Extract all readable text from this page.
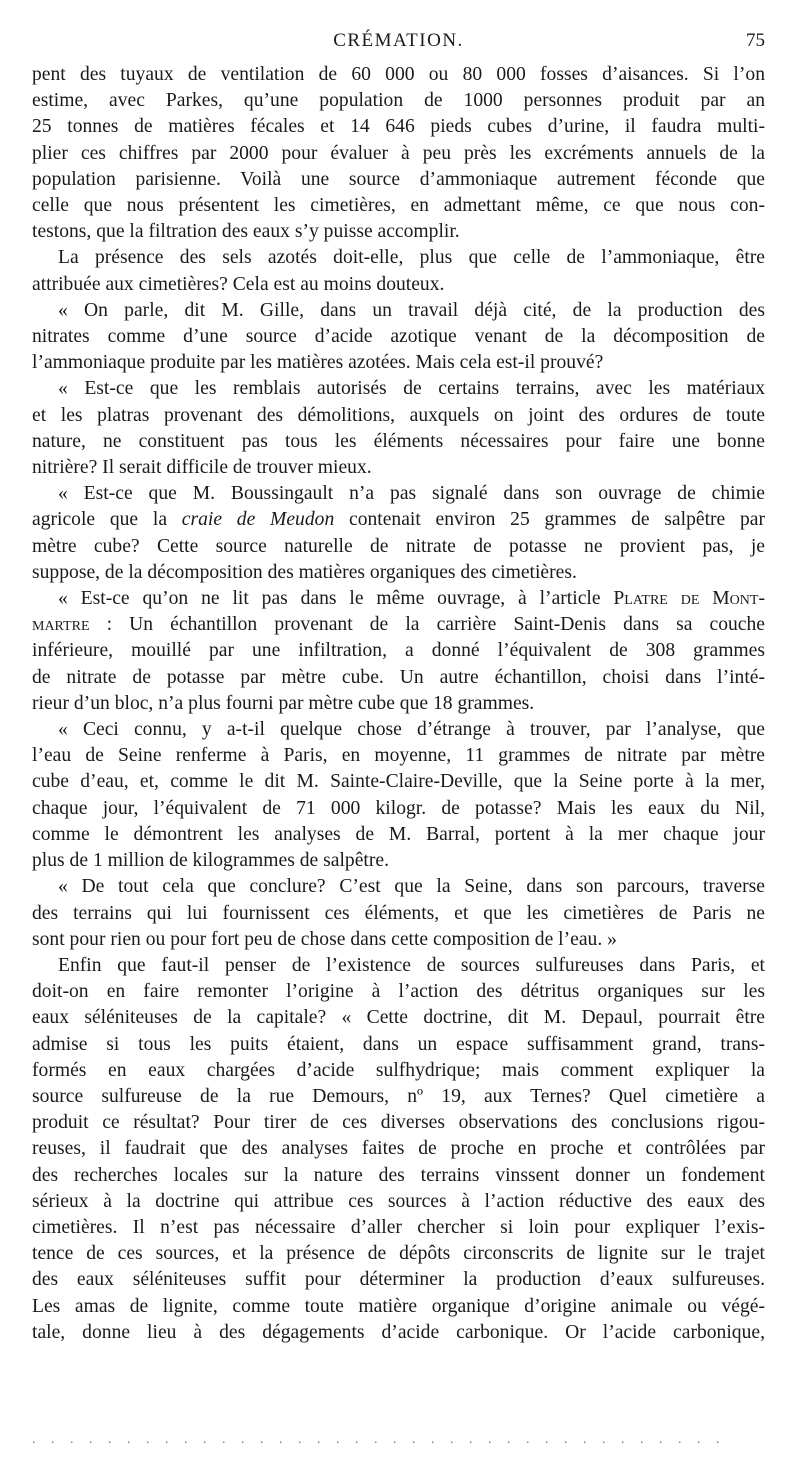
CRÉMATION.	75
pent des tuyaux de ventilation de 60 000 ou 80 000 fosses d’aisances. Si l’on
estime, avec Parkes, qu’une population de 1000 personnes produit par an
25 tonnes de matières fécales et 14 646 pieds cubes d’urine, il faudra multi-
plier ces chiffres par 2000 pour évaluer à peu près les excréments annuels de la
population parisienne. Voilà une source d’ammoniaque autrement féconde que
celle que nous présentent les cimetières, en admettant même, ce que nous con-
testons, que la filtration des eaux s’y puisse accomplir.
La présence des sels azotés doit-elle, plus que celle de l’ammoniaque, être
attribuée aux cimetières? Cela est au moins douteux.
« On parle, dit M. Gille, dans un travail déjà cité, de la production des
nitrates comme d’une source d’acide azotique venant de la décomposition de
l’ammoniaque produite par les matières azotées. Mais cela est-il prouvé?
« Est-ce que les remblais autorisés de certains terrains, avec les matériaux
et les platras provenant des démolitions, auxquels on joint des ordures de toute
nature, ne constituent pas tous les éléments nécessaires pour faire une bonne
nitrière? Il serait difficile de trouver mieux.
« Est-ce que M. Boussingault n’a pas signalé dans son ouvrage de chimie
agricole que la craie de Meudon contenait environ 25 grammes de salpêtre par
mètre cube? Cette source naturelle de nitrate de potasse ne provient pas, je
suppose, de la décomposition des matières organiques des cimetières.
« Est-ce qu’on ne lit pas dans le même ouvrage, à l’article Platre de Mont-
martre : Un échantillon provenant de la carrière Saint-Denis dans sa couche
inférieure, mouillé par une infiltration, a donné l’équivalent de 308 grammes
de nitrate de potasse par mètre cube. Un autre échantillon, choisi dans l’inté-
rieur d’un bloc, n’a plus fourni par mètre cube que 18 grammes.
« Ceci connu, y a-t-il quelque chose d’étrange à trouver, par l’analyse, que
l’eau de Seine renferme à Paris, en moyenne, 11 grammes de nitrate par mètre
cube d’eau, et, comme le dit M. Sainte-Claire-Deville, que la Seine porte à la mer,
chaque jour, l’équivalent de 71 000 kilogr. de potasse? Mais les eaux du Nil,
comme le démontrent les analyses de M. Barral, portent à la mer chaque jour
plus de 1 million de kilogrammes de salpêtre.
« De tout cela que conclure? C’est que la Seine, dans son parcours, traverse
des terrains qui lui fournissent ces éléments, et que les cimetières de Paris ne
sont pour rien ou pour fort peu de chose dans cette composition de l’eau. »
Enfin que faut-il penser de l’existence de sources sulfureuses dans Paris, et
doit-on en faire remonter l’origine à l’action des détritus organiques sur les
eaux séléniteuses de la capitale? « Cette doctrine, dit M. Depaul, pourrait être
admise si tous les puits étaient, dans un espace suffisamment grand, trans-
formés en eaux chargées d’acide sulfhydrique; mais comment expliquer la
source sulfureuse de la rue Demours, nº 19, aux Ternes? Quel cimetière a
produit ce résultat? Pour tirer de ces diverses observations des conclusions rigou-
reuses, il faudrait que des analyses faites de proche en proche et contrôlées par
des recherches locales sur la nature des terrains vinssent donner un fondement
sérieux à la doctrine qui attribue ces sources à l’action réductive des eaux des
cimetières. Il n’est pas nécessaire d’aller chercher si loin pour expliquer l’exis-
tence de ces sources, et la présence de dépôts circonscrits de lignite sur le trajet
des eaux séléniteuses suffit pour déterminer la production d’eaux sulfureuses.
Les amas de lignite, comme toute matière organique d’origine animale ou végé-
tale, donne lieu à des dégagements d’acide carbonique. Or l’acide carbonique,
. . . . . . . . . . . . . . . . . . . . . . . . . . . . . . . . . . . . .
